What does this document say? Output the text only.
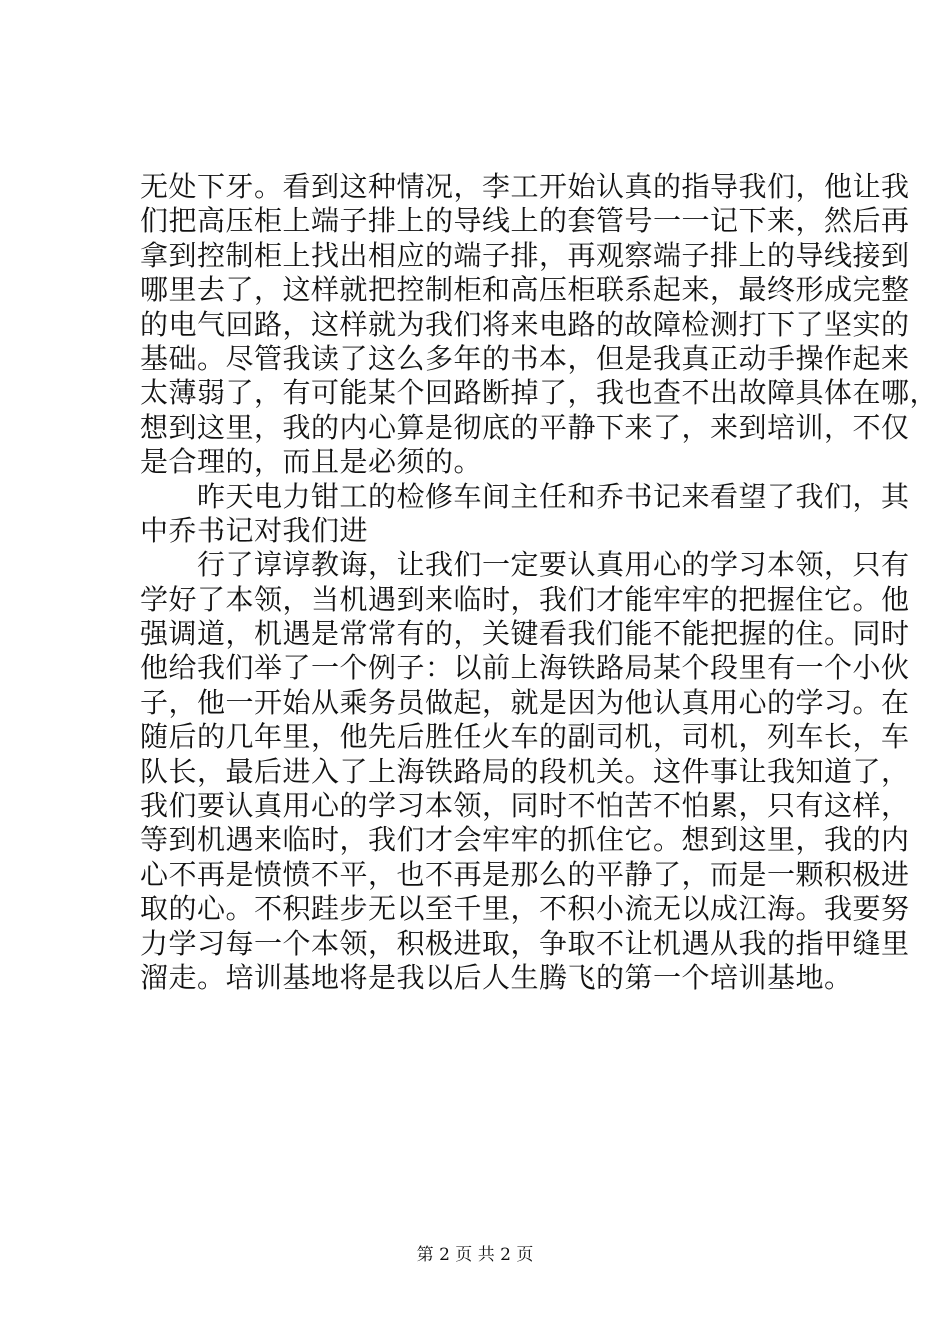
无处下牙。看到这种情况，李工开始认真的指导我们，他让我
们把高压柜上端子排上的导线上的套管号一一记下来，然后再
拿到控制柜上找出相应的端子排，再观察端子排上的导线接到
哪里去了，这样就把控制柜和高压柜联系起来，最终形成完整
的电气回路，这样就为我们将来电路的故障检测打下了坚实的
基础。尽管我读了这么多年的书本，但是我真正动手操作起来
太薄弱了，有可能某个回路断掉了，我也查不出故障具体在哪，
想到这里，我的内心算是彻底的平静下来了，来到培训，不仅
是合理的，而且是必须的。
　　昨天电力钳工的检修车间主任和乔书记来看望了我们，其
中乔书记对我们进
　　行了谆谆教诲，让我们一定要认真用心的学习本领，只有
学好了本领，当机遇到来临时，我们才能牢牢的把握住它。他
强调道，机遇是常常有的，关键看我们能不能把握的住。同时
他给我们举了一个例子：以前上海铁路局某个段里有一个小伙
子，他一开始从乘务员做起，就是因为他认真用心的学习。在
随后的几年里，他先后胜任火车的副司机，司机，列车长，车
队长，最后进入了上海铁路局的段机关。这件事让我知道了，
我们要认真用心的学习本领，同时不怕苦不怕累，只有这样，
等到机遇来临时，我们才会牢牢的抓住它。想到这里，我的内
心不再是愤愤不平，也不再是那么的平静了，而是一颗积极进
取的心。不积跬步无以至千里，不积小流无以成江海。我要努
力学习每一个本领，积极进取，争取不让机遇从我的指甲缝里
溜走。培训基地将是我以后人生腾飞的第一个培训基地。
第 2 页 共 2 页
